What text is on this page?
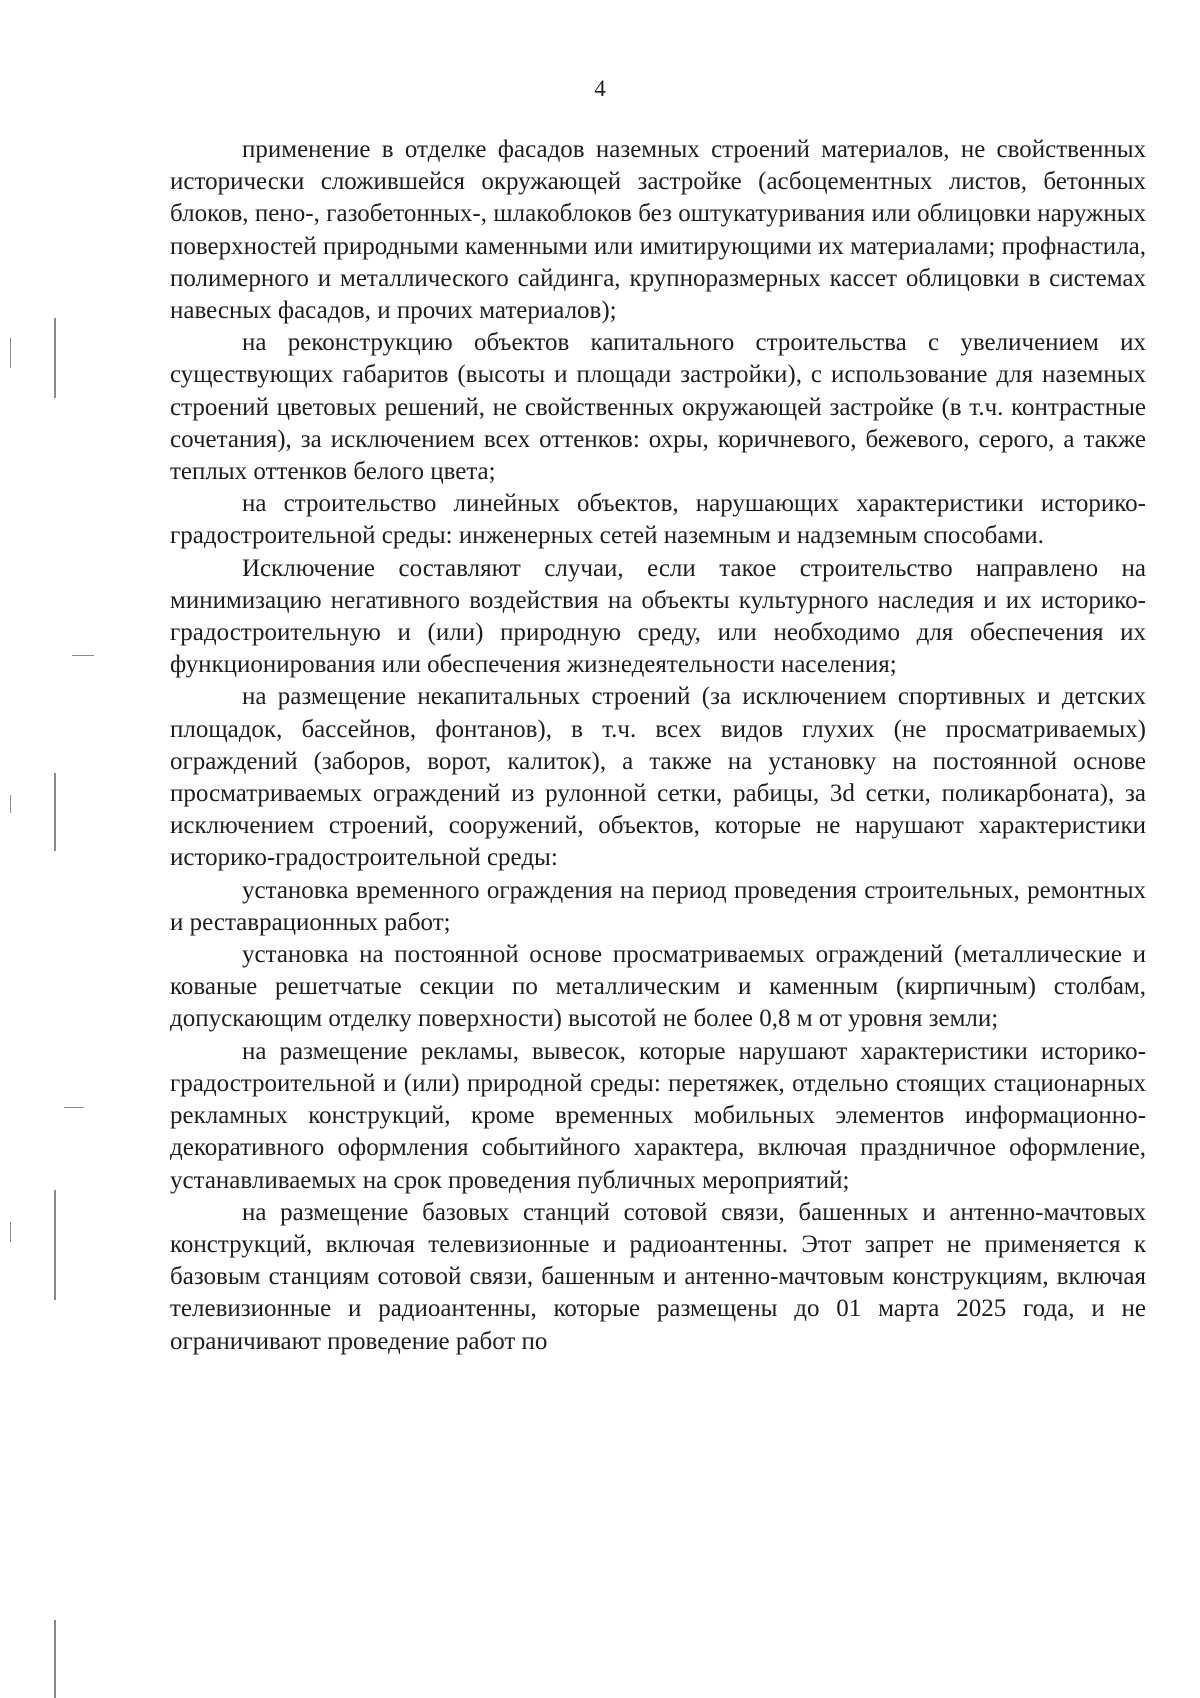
4

применение в отделке фасадов наземных строений материалов, не свойственных исторически сложившейся окружающей застройке (асбоцементных листов, бетонных блоков, пено-, газобетонных-, шлакоблоков без оштукатуривания или облицовки наружных поверхностей природными каменными или имитирующими их материалами; профнастила, полимерного и металлического сайдинга, крупноразмерных кассет облицовки в системах навесных фасадов, и прочих материалов);

на реконструкцию объектов капитального строительства с увеличением их существующих габаритов (высоты и площади застройки), с использование для наземных строений цветовых решений, не свойственных окружающей застройке (в т.ч. контрастные сочетания), за исключением всех оттенков: охры, коричневого, бежевого, серого, а также теплых оттенков белого цвета;

на строительство линейных объектов, нарушающих характеристики историко-градостроительной среды: инженерных сетей наземным и надземным способами.

Исключение составляют случаи, если такое строительство направлено на минимизацию негативного воздействия на объекты культурного наследия и их историко-градостроительную и (или) природную среду, или необходимо для обеспечения их функционирования или обеспечения жизнедеятельности населения;

на размещение некапитальных строений (за исключением спортивных и детских площадок, бассейнов, фонтанов), в т.ч. всех видов глухих (не просматриваемых) ограждений (заборов, ворот, калиток), а также на установку на постоянной основе просматриваемых ограждений из рулонной сетки, рабицы, 3d сетки, поликарбоната), за исключением строений, сооружений, объектов, которые не нарушают характеристики историко-градостроительной среды:

установка временного ограждения на период проведения строительных, ремонтных и реставрационных работ;

установка на постоянной основе просматриваемых ограждений (металлические и кованые решетчатые секции по металлическим и каменным (кирпичным) столбам, допускающим отделку поверхности) высотой не более 0,8 м от уровня земли;

на размещение рекламы, вывесок, которые нарушают характеристики историко-градостроительной и (или) природной среды: перетяжек, отдельно стоящих стационарных рекламных конструкций, кроме временных мобильных элементов информационно-декоративного оформления событийного характера, включая праздничное оформление, устанавливаемых на срок проведения публичных мероприятий;

на размещение базовых станций сотовой связи, башенных и антенно-мачтовых конструкций, включая телевизионные и радиоантенны. Этот запрет не применяется к базовым станциям сотовой связи, башенным и антенно-мачтовым конструкциям, включая телевизионные и радиоантенны, которые размещены до 01 марта 2025 года, и не ограничивают проведение работ по
